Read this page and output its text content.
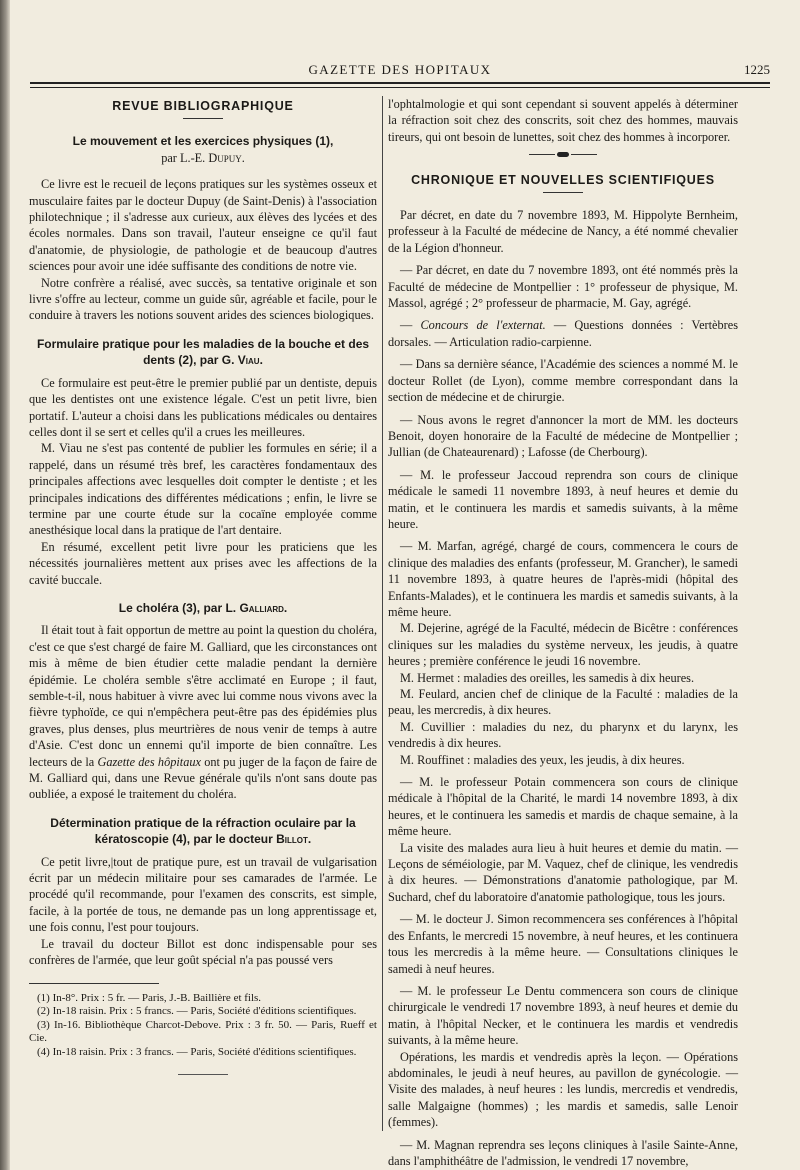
GAZETTE DES HOPITAUX	1225
REVUE BIBLIOGRAPHIQUE
Le mouvement et les exercices physiques (1),
par L.-E. Dupuy.

Ce livre est le recueil de leçons pratiques sur les systèmes osseux et musculaire faites par le docteur Dupuy (de Saint-Denis) à l'association philotechnique ; il s'adresse aux curieux, aux élèves des lycées et des écoles normales. Dans son travail, l'auteur enseigne ce qu'il faut d'anatomie, de physiologie, de pathologie et de beaucoup d'autres sciences pour avoir une idée suffisante des conditions de notre vie.

Notre confrère a réalisé, avec succès, sa tentative originale et son livre s'offre au lecteur, comme un guide sûr, agréable et facile, pour le conduire à travers les notions souvent arides des sciences biologiques.

Formulaire pratique pour les maladies de la bouche et des dents (2), par G. Viau.

Ce formulaire est peut-être le premier publié par un dentiste, depuis que les dentistes ont une existence légale. C'est un petit livre, bien portatif. L'auteur a choisi dans les publications médicales ou dentaires celles dont il se sert et celles qu'il a crues les meilleures.

M. Viau ne s'est pas contenté de publier les formules en série; il a rappelé, dans un résumé très bref, les caractères fondamentaux des principales affections avec lesquelles doit compter le dentiste ; et les principales indications des différentes médications ; enfin, le livre se termine par une courte étude sur la cocaïne employée comme anesthésique local dans la pratique de l'art dentaire.

En résumé, excellent petit livre pour les praticiens que les nécessités journalières mettent aux prises avec les affections de la cavité buccale.

Le choléra (3), par L. Galliard.

Il était tout à fait opportun de mettre au point la question du choléra, c'est ce que s'est chargé de faire M. Galliard, que les circonstances ont mis à même de bien étudier cette maladie pendant la dernière épidémie. Le choléra semble s'être acclimaté en Europe ; il faut, semble-t-il, nous habituer à vivre avec lui comme nous vivons avec la fièvre typhoïde, ce qui n'empêchera peut-être pas des épidémies plus graves, plus denses, plus meurtrières de nous venir de temps à autre d'Asie. C'est donc un ennemi qu'il importe de bien connaître. Les lecteurs de la Gazette des hôpitaux ont pu juger de la façon de faire de M. Galliard qui, dans une Revue générale qu'ils n'ont sans doute pas oubliée, a exposé le traitement du choléra.

Détermination pratique de la réfraction oculaire par la kératoscopie (4), par le docteur Billot.

Ce petit livre,|tout de pratique pure, est un travail de vulgarisation écrit par un médecin militaire pour ses camarades de l'armée. Le procédé qu'il recommande, pour l'examen des conscrits, est simple, facile, à la portée de tous, ne demande pas un long apprentissage et, une fois connu, l'est pour toujours.

Le travail du docteur Billot est donc indispensable pour ses confrères de l'armée, que leur goût spécial n'a pas poussé vers

(1) In-8°. Prix : 5 fr. — Paris, J.-B. Baillière et fils.
(2) In-18 raisin. Prix : 5 francs. — Paris, Société d'éditions scientifiques.
(3) In-16. Bibliothèque Charcot-Debove. Prix : 3 fr. 50. — Paris, Rueff et Cie.
(4) In-18 raisin. Prix : 3 francs. — Paris, Société d'éditions scientifiques.

l'ophtalmologie et qui sont cependant si souvent appelés à déterminer la réfraction soit chez des conscrits, soit chez des hommes, mauvais tireurs, qui ont besoin de lunettes, soit chez des hommes à incorporer.

CHRONIQUE ET NOUVELLES SCIENTIFIQUES

Par décret, en date du 7 novembre 1893, M. Hippolyte Bernheim, professeur à la Faculté de médecine de Nancy, a été nommé chevalier de la Légion d'honneur.

— Par décret, en date du 7 novembre 1893, ont été nommés près la Faculté de médecine de Montpellier : 1° professeur de physique, M. Massol, agrégé ; 2° professeur de pharmacie, M. Gay, agrégé.

— Concours de l'externat. — Questions données : Vertèbres dorsales. — Articulation radio-carpienne.

— Dans sa dernière séance, l'Académie des sciences a nommé M. le docteur Rollet (de Lyon), comme membre correspondant dans la section de médecine et de chirurgie.

— Nous avons le regret d'annoncer la mort de MM. les docteurs Benoit, doyen honoraire de la Faculté de médecine de Montpellier ; Jullian (de Chateaurenard) ; Lafosse (de Cherbourg).

— M. le professeur Jaccoud reprendra son cours de clinique médicale le samedi 11 novembre 1893, à neuf heures et demie du matin, et le continuera les mardis et samedis suivants, à la même heure.

— M. Marfan, agrégé, chargé de cours, commencera le cours de clinique des maladies des enfants (professeur, M. Grancher), le samedi 11 novembre 1893, à quatre heures de l'après-midi (hôpital des Enfants-Malades), et le continuera les mardis et samedis suivants, à la même heure.

M. Dejerine, agrégé de la Faculté, médecin de Bicêtre : conférences cliniques sur les maladies du système nerveux, les jeudis, à quatre heures ; première conférence le jeudi 16 novembre.

M. Hermet : maladies des oreilles, les samedis à dix heures.

M. Feulard, ancien chef de clinique de la Faculté : maladies de la peau, les mercredis, à dix heures.

M. Cuvillier : maladies du nez, du pharynx et du larynx, les vendredis à dix heures.

M. Rouffinet : maladies des yeux, les jeudis, à dix heures.

— M. le professeur Potain commencera son cours de clinique médicale à l'hôpital de la Charité, le mardi 14 novembre 1893, à dix heures, et le continuera les samedis et mardis de chaque semaine, à la même heure.

La visite des malades aura lieu à huit heures et demie du matin. — Leçons de séméiologie, par M. Vaquez, chef de clinique, les vendredis à dix heures. — Démonstrations d'anatomie pathologique, par M. Suchard, chef du laboratoire d'anatomie pathologique, tous les jours.

— M. le docteur J. Simon recommencera ses conférences à l'hôpital des Enfants, le mercredi 15 novembre, à neuf heures, et les continuera tous les mercredis à la même heure. — Consultations cliniques le samedi à neuf heures.

— M. le professeur Le Dentu commencera son cours de clinique chirurgicale le vendredi 17 novembre 1893, à neuf heures et demie du matin, à l'hôpital Necker, et le continuera les mardis et vendredis suivants, à la même heure.

Opérations, les mardis et vendredis après la leçon. — Opérations abdominales, le jeudi à neuf heures, au pavillon de gynécologie. — Visite des malades, à neuf heures : les lundis, mercredis et vendredis, salle Malgaigne (hommes) ; les mardis et samedis, salle Lenoir (femmes).

— M. Magnan reprendra ses leçons cliniques à l'asile Sainte-Anne, dans l'amphithéâtre de l'admission, le vendredi 17 novembre,
